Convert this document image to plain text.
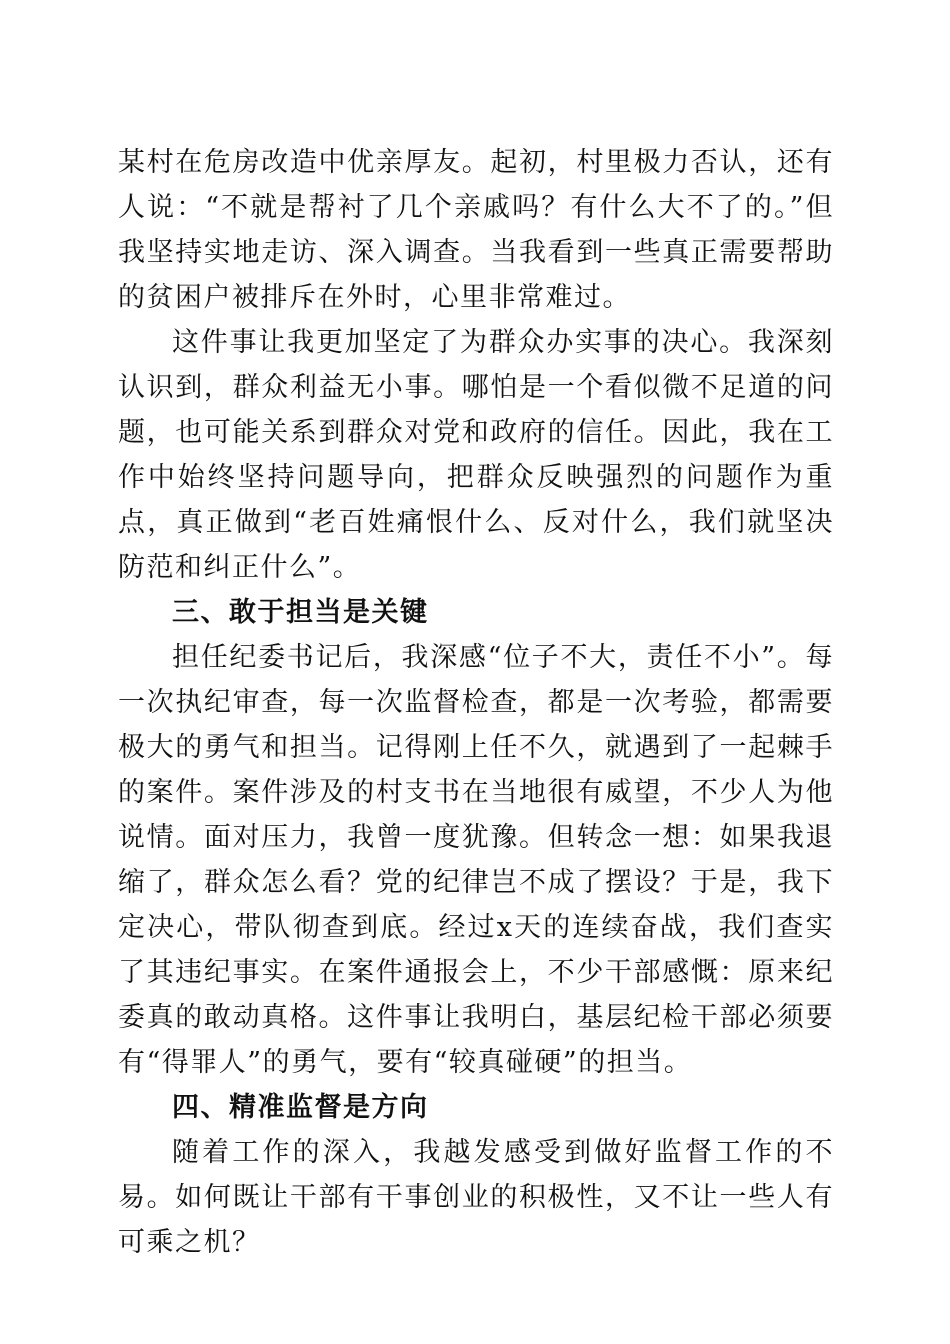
某村在危房改造中优亲厚友。起初，村里极力否认，还有人说：“不就是帮衬了几个亲戚吗？有什么大不了的。”但我坚持实地走访、深入调查。当我看到一些真正需要帮助的贫困户被排斥在外时，心里非常难过。

这件事让我更加坚定了为群众办实事的决心。我深刻认识到，群众利益无小事。哪怕是一个看似微不足道的问题，也可能关系到群众对党和政府的信任。因此，我在工作中始终坚持问题导向，把群众反映强烈的问题作为重点，真正做到“老百姓痛恨什么、反对什么，我们就坚决防范和纠正什么”。

三、敢于担当是关键

担任纪委书记后，我深感“位子不大，责任不小”。每一次执纪审查，每一次监督检查，都是一次考验，都需要极大的勇气和担当。记得刚上任不久，就遇到了一起棘手的案件。案件涉及的村支书在当地很有威望，不少人为他说情。面对压力，我曾一度犹豫。但转念一想：如果我退缩了，群众怎么看？党的纪律岂不成了摆设？于是，我下定决心，带队彻查到底。经过x天的连续奋战，我们查实了其违纪事实。在案件通报会上，不少干部感慨：原来纪委真的敢动真格。这件事让我明白，基层纪检干部必须要有“得罪人”的勇气，要有“较真碰硬”的担当。

四、精准监督是方向

随着工作的深入，我越发感受到做好监督工作的不易。如何既让干部有干事创业的积极性，又不让一些人有可乘之机？
